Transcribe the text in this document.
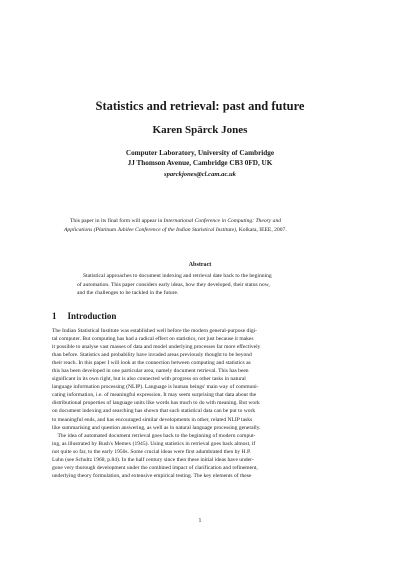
Statistics and retrieval: past and future
Karen Spärck Jones
Computer Laboratory, University of Cambridge
JJ Thomson Avenue, Cambridge CB3 0FD, UK
sparckjones@cl.cam.ac.uk
This paper in its final form will appear in International Conference in Computing: Theory and
Applications (Platinum Jubilee Conference of the Indian Statistical Institute), Kolkata, IEEE, 2007.
Abstract
Statistical approaches to document indexing and retrieval date back to the beginning
of automation. This paper considers early ideas, how they developed, their status now,
and the challenges to be tackled in the future.
1 Introduction
The Indian Statistical Institute was established well before the modern general-purpose digi-
tal computer. But computing has had a radical effect on statistics, not just because it makes
it possible to analyse vast masses of data and model underlying processes far more effectively
than before. Statistics and probability have invaded areas previously thought to be beyond
their reach. In this paper I will look at the connection between computing and statistics as
this has been developed in one particular area, namely document retrieval. This has been
significant in its own right, but is also connected with progress on other tasks in natural
language information processing (NLIP). Language is human beings' main way of communi-
cating information, i.e. of meaningful expression. It may seem surprising that data about the
distributional properties of language units like words has much to do with meaning. But work
on document indexing and searching has shown that such statistical data can be put to work
to meaningful ends, and has encouraged similar developments in other, related NLIP tasks
like summarising and question answering, as well as in natural language processing generally.
The idea of automated document retrieval goes back to the beginning of modern comput-
ing, as illustrated by Bush's Memex (1945). Using statistics in retrieval goes back almost, if
not quite so far, to the early 1950s. Some crucial ideas were first adumbrated then by H.P.
Luhn (see Schultz 1968, p.84). In the half century since then these initial ideas have under-
gone very thorough development under the combined impact of clarification and refinement,
underlying theory formulation, and extensive empirical testing. The key elements of these
1
